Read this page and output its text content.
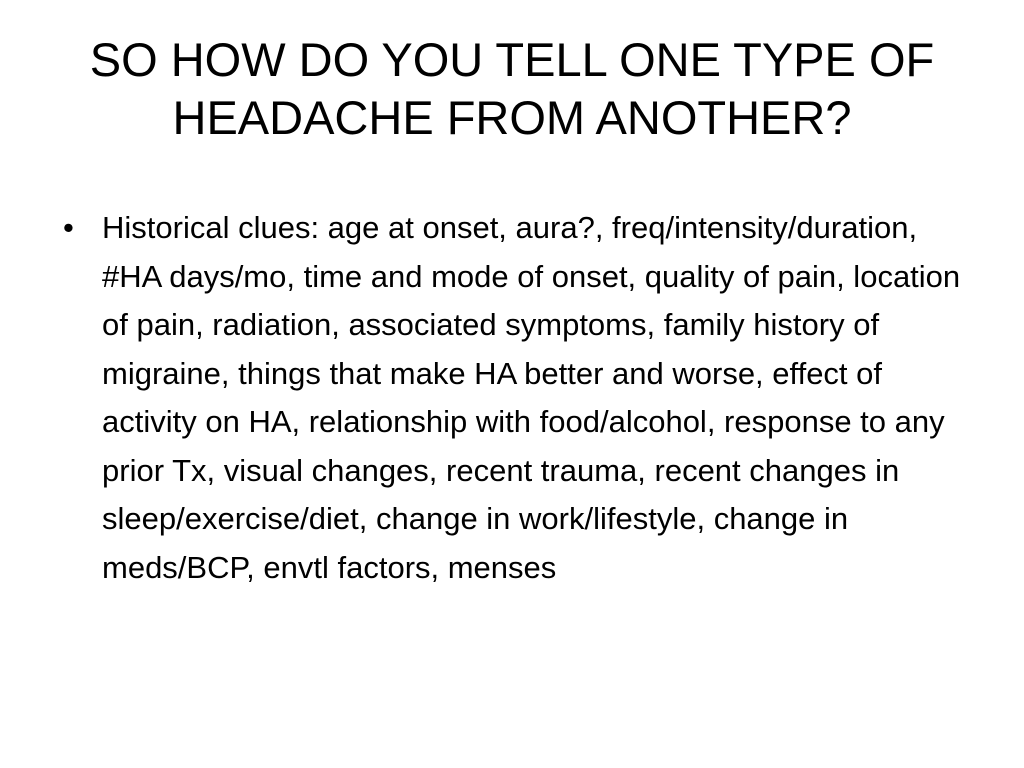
SO HOW DO YOU TELL ONE TYPE OF HEADACHE FROM ANOTHER?
• Historical clues: age at onset, aura?, freq/intensity/duration, #HA days/mo, time and mode of onset, quality of pain, location of pain, radiation, associated symptoms, family history of migraine, things that make HA better and worse, effect of activity on HA, relationship with food/alcohol, response to any prior Tx, visual changes, recent trauma, recent changes in sleep/exercise/diet, change in work/lifestyle, change in meds/BCP, envtl factors, menses
